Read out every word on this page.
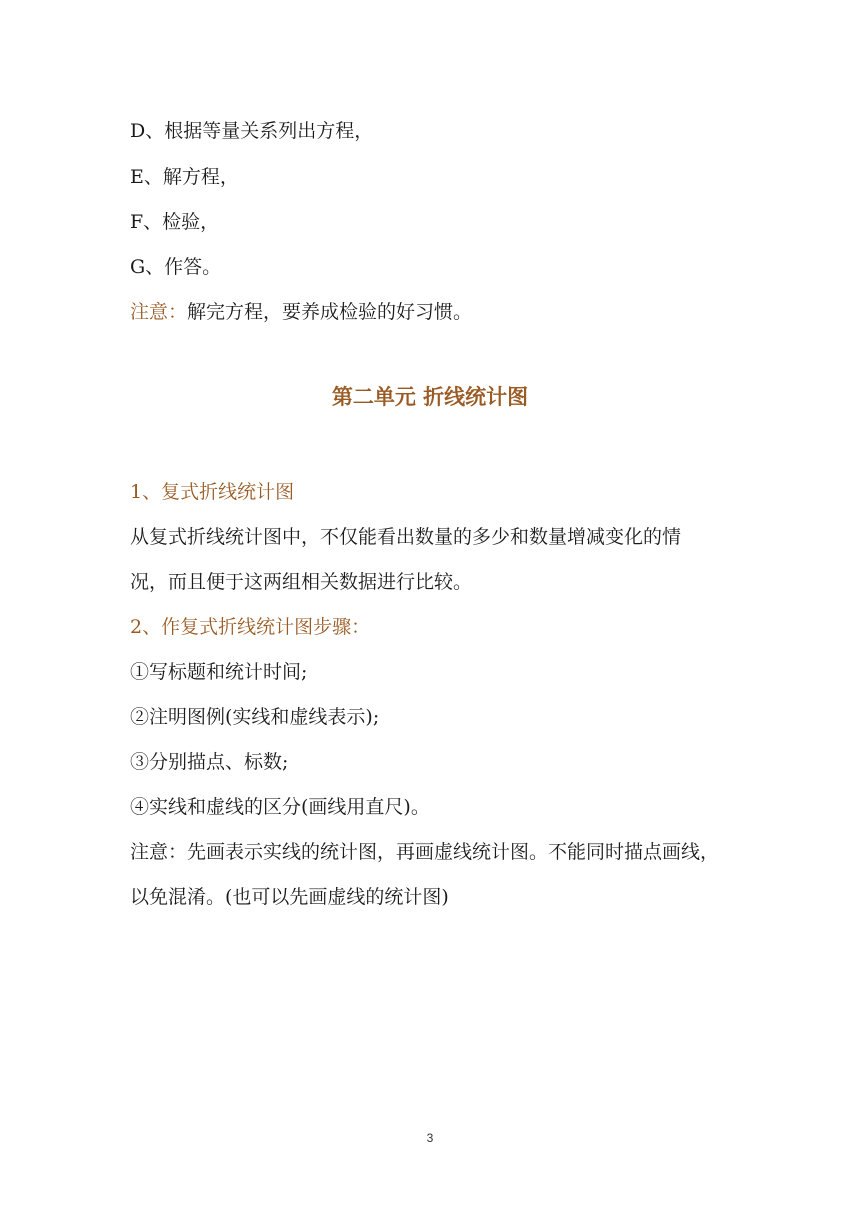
D、根据等量关系列出方程，
E、解方程，
F、检验，
G、作答。
注意：解完方程，要养成检验的好习惯。
第二单元 折线统计图
1、复式折线统计图
从复式折线统计图中，不仅能看出数量的多少和数量增减变化的情
况，而且便于这两组相关数据进行比较。
2、作复式折线统计图步骤：
①写标题和统计时间;
②注明图例(实线和虚线表示);
③分别描点、标数;
④实线和虚线的区分(画线用直尺)。
注意：先画表示实线的统计图，再画虚线统计图。不能同时描点画线，
以免混淆。(也可以先画虚线的统计图)
3
